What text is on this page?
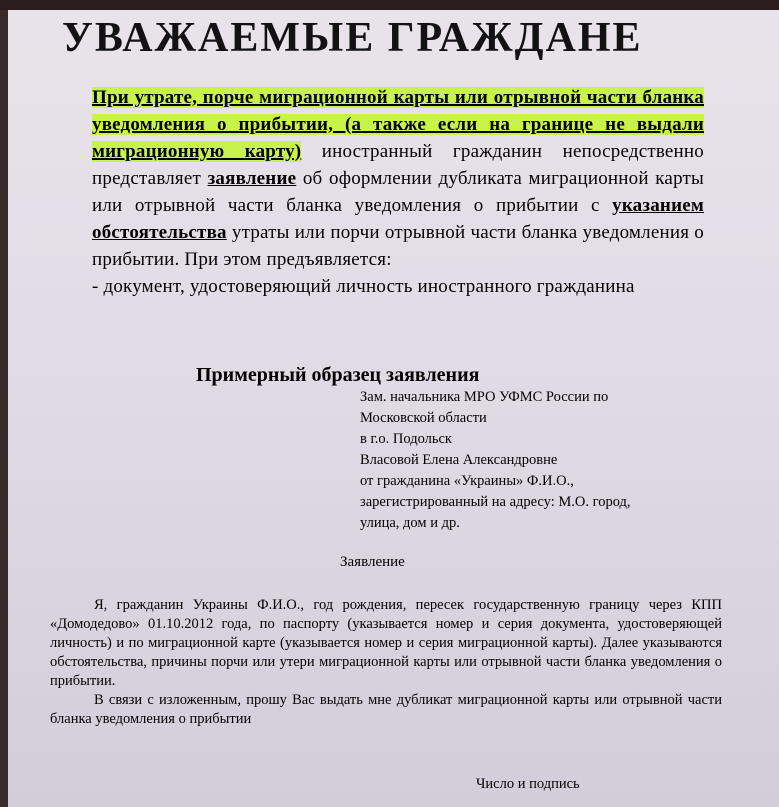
УВАЖАЕМЫЕ ГРАЖДАНЕ

При утрате, порче миграционной карты или отрывной части бланка уведомления о прибытии, (а также если на границе не выдали миграционную карту) иностранный гражданин непосредственно представляет заявление об оформлении дубликата миграционной карты или отрывной части бланка уведомления о прибытии с указанием обстоятельства утраты или порчи отрывной части бланка уведомления о прибытии. При этом предъявляется:

- документ, удостоверяющий личность иностранного гражданина

Примерный образец заявления
Зам. начальника МРО УФМС России по
Московской области
в г.о. Подольск
Власовой Елена Александровне
от гражданина «Украины» Ф.И.О.,
зарегистрированный на адресу: М.О. город,
улица, дом и др.
Заявление

Я, гражданин Украины Ф.И.О., год рождения, пересек государственную границу через КПП «Домодедово» 01.10.2012 года, по паспорту (указывается номер и серия документа, удостоверяющей личность) и по миграционной карте (указывается номер и серия миграционной карты). Далее указываются обстоятельства, причины порчи или утери миграционной карты или отрывной части бланка уведомления о прибытии.

В связи с изложенным, прошу Вас выдать мне дубликат миграционной карты или отрывной части бланка уведомления о прибытии

Число и подпись
